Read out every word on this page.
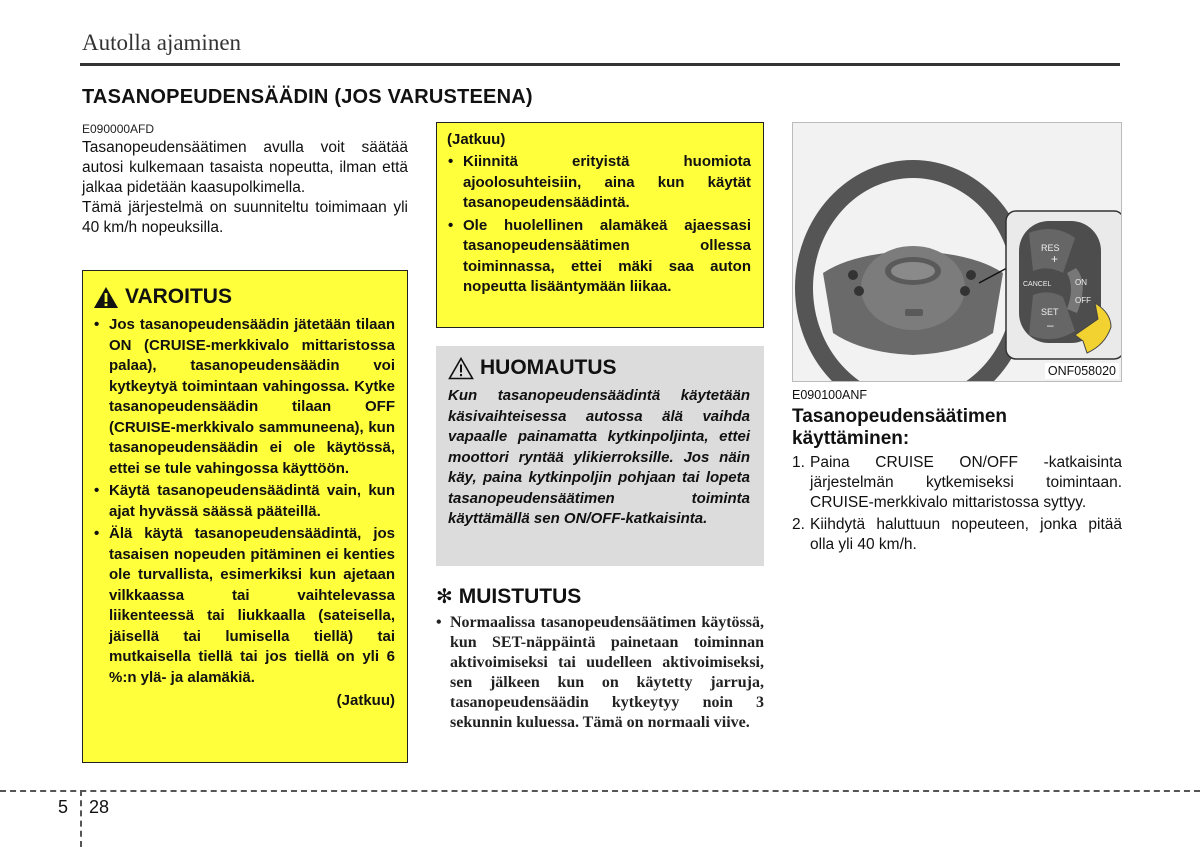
Autolla ajaminen
TASANOPEUDENSÄÄDIN (JOS VARUSTEENA)
E090000AFD

Tasanopeudensäätimen avulla voit säätää autosi kulkemaan tasaista nopeutta, ilman että jalkaa pidetään kaasupolkimella.

Tämä järjestelmä on suunniteltu toimimaan yli 40 km/h nopeuksilla.

VAROITUS
• Jos tasanopeudensäädin jätetään tilaan ON (CRUISE-merkkivalo mittaristossa palaa), tasanopeudensäädin voi kytkeytyä toimintaan vahingossa. Kytke tasanopeudensäädin tilaan OFF (CRUISE-merkkivalo sammuneena), kun tasanopeudensäädin ei ole käytössä, ettei se tule vahingossa käyttöön.
• Käytä tasanopeudensäädintä vain, kun ajat hyvässä säässä pääteillä.
• Älä käytä tasanopeudensäädintä, jos tasaisen nopeuden pitäminen ei kenties ole turvallista, esimerkiksi kun ajetaan vilkkaassa tai vaihtelevassa liikenteessä tai liukkaalla (sateisella, jäisellä tai lumisella tiellä) tai mutkaisella tiellä tai jos tiellä on yli 6 %:n ylä- ja alamäkiä.
(Jatkuu)
(Jatkuu)
• Kiinnitä erityistä huomiota ajoolosuhteisiin, aina kun käytät tasanopeudensäädintä.
• Ole huolellinen alamäkeä ajaessasi tasanopeudensäätimen ollessa toiminnassa, ettei mäki saa auton nopeutta lisääntymään liikaa.
HUOMAUTUS

Kun tasanopeudensäädintä käytetään käsivaihteisessa autossa älä vaihda vapaalle painamatta kytkinpoljinta, ettei moottori ryntää ylikierroksille. Jos näin käy, paina kytkinpoljin pohjaan tai lopeta tasanopeudensäätimen toiminta käyttämällä sen ON/OFF-katkaisinta.

✻ MUISTUTUS
• Normaalissa tasanopeudensäätimen käytössä, kun SET-näppäintä painetaan toiminnan aktivoimiseksi tai uudelleen aktivoimiseksi, sen jälkeen kun on käytetty jarruja, tasanopeudensäädin kytkeytyy noin 3 sekunnin kuluessa. Tämä on normaali viive.
RES
+
CANCEL	ON
OFF
SET
–
ONF058020
E090100ANF
Tasanopeudensäätimen käyttäminen:
1. Paina CRUISE ON/OFF -katkaisinta järjestelmän kytkemiseksi toimintaan. CRUISE-merkkivalo mittaristossa syttyy.
2. Kiihdytä haluttuun nopeuteen, jonka pitää olla yli 40 km/h.
5 28
